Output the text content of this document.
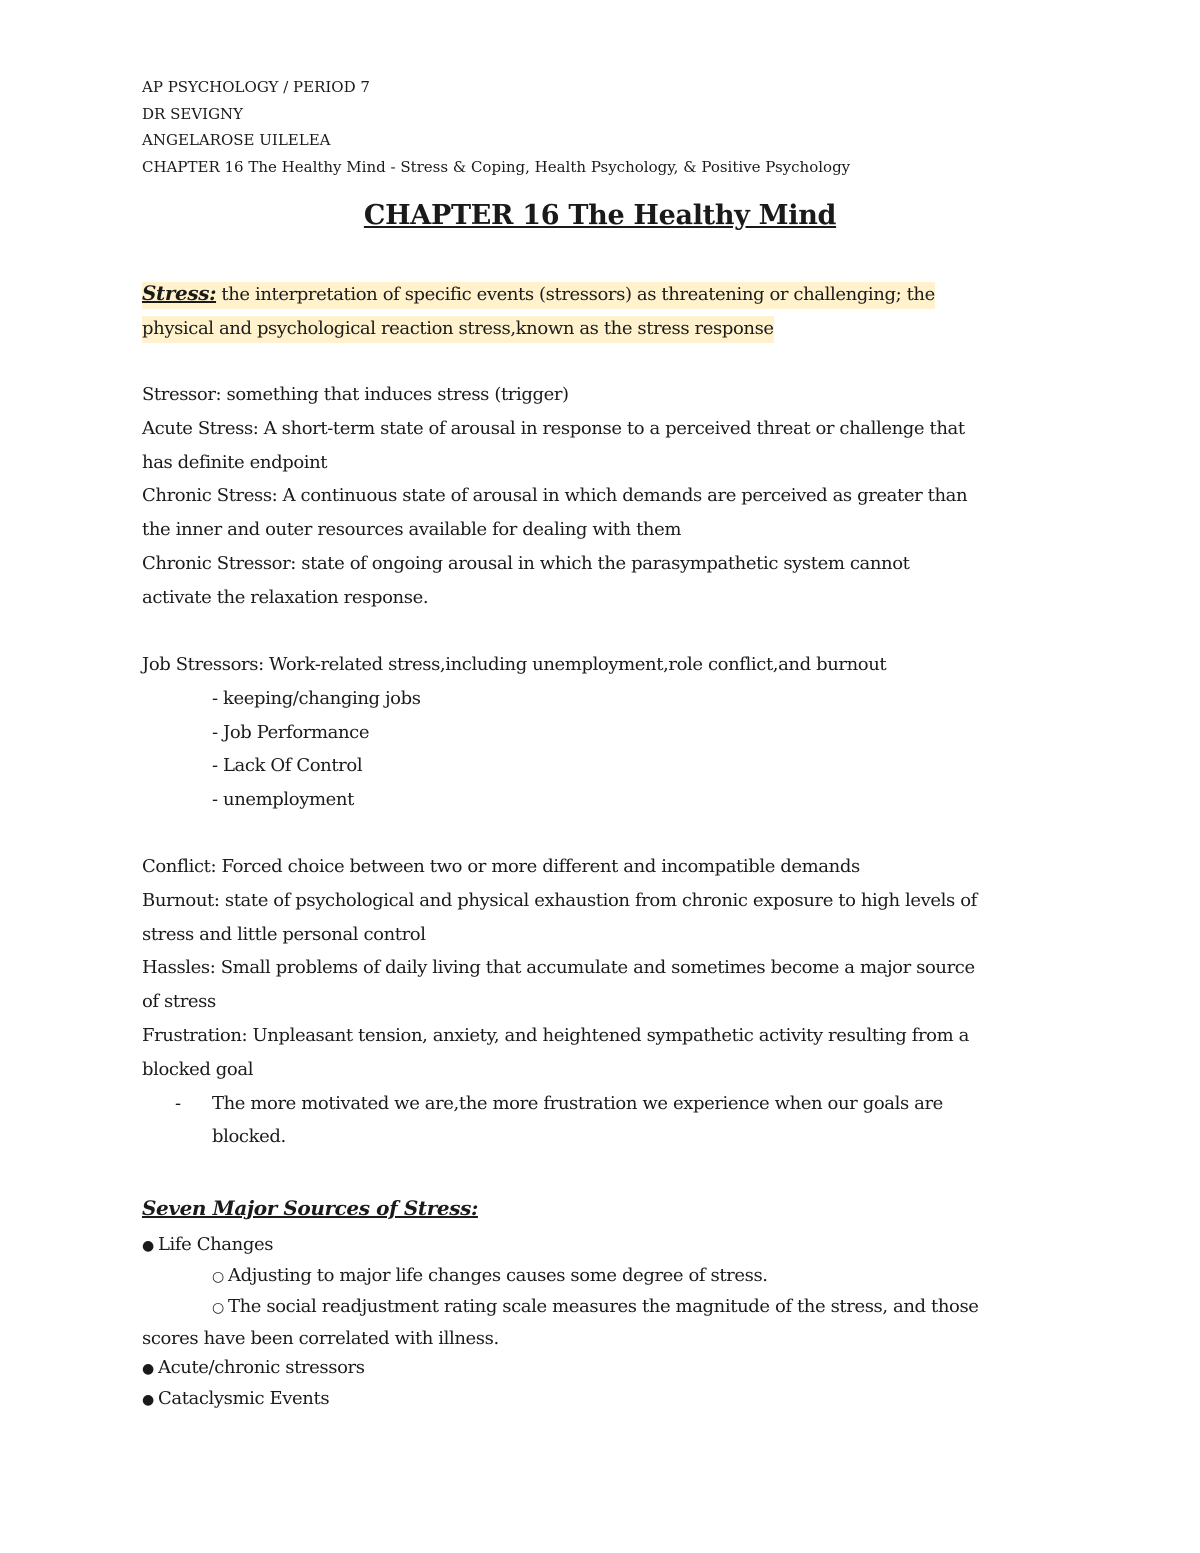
AP PSYCHOLOGY / PERIOD 7
DR SEVIGNY
ANGELAROSE UILELEA
CHAPTER 16 The Healthy Mind - Stress & Coping, Health Psychology, & Positive Psychology
CHAPTER 16 The Healthy Mind
Stress: the interpretation of specific events (stressors) as threatening or challenging; the
physical and psychological reaction stress,known as the stress response
Stressor: something that induces stress (trigger)
Acute Stress: A short-term state of arousal in response to a perceived threat or challenge that
has definite endpoint
Chronic Stress: A continuous state of arousal in which demands are perceived as greater than
the inner and outer resources available for dealing with them
Chronic Stressor: state of ongoing arousal in which the parasympathetic system cannot
activate the relaxation response.
Job Stressors: Work-related stress,including unemployment,role conflict,and burnout
- keeping/changing jobs
- Job Performance
- Lack Of Control
- unemployment
Conflict: Forced choice between two or more different and incompatible demands
Burnout: state of psychological and physical exhaustion from chronic exposure to high levels of
stress and little personal control
Hassles: Small problems of daily living that accumulate and sometimes become a major source
of stress
Frustration: Unpleasant tension, anxiety, and heightened sympathetic activity resulting from a
blocked goal
- The more motivated we are,the more frustration we experience when our goals are
blocked.
Seven Major Sources of Stress:
● Life Changes
○ Adjusting to major life changes causes some degree of stress.
○ The social readjustment rating scale measures the magnitude of the stress, and those
scores have been correlated with illness.
● Acute/chronic stressors
● Cataclysmic Events
